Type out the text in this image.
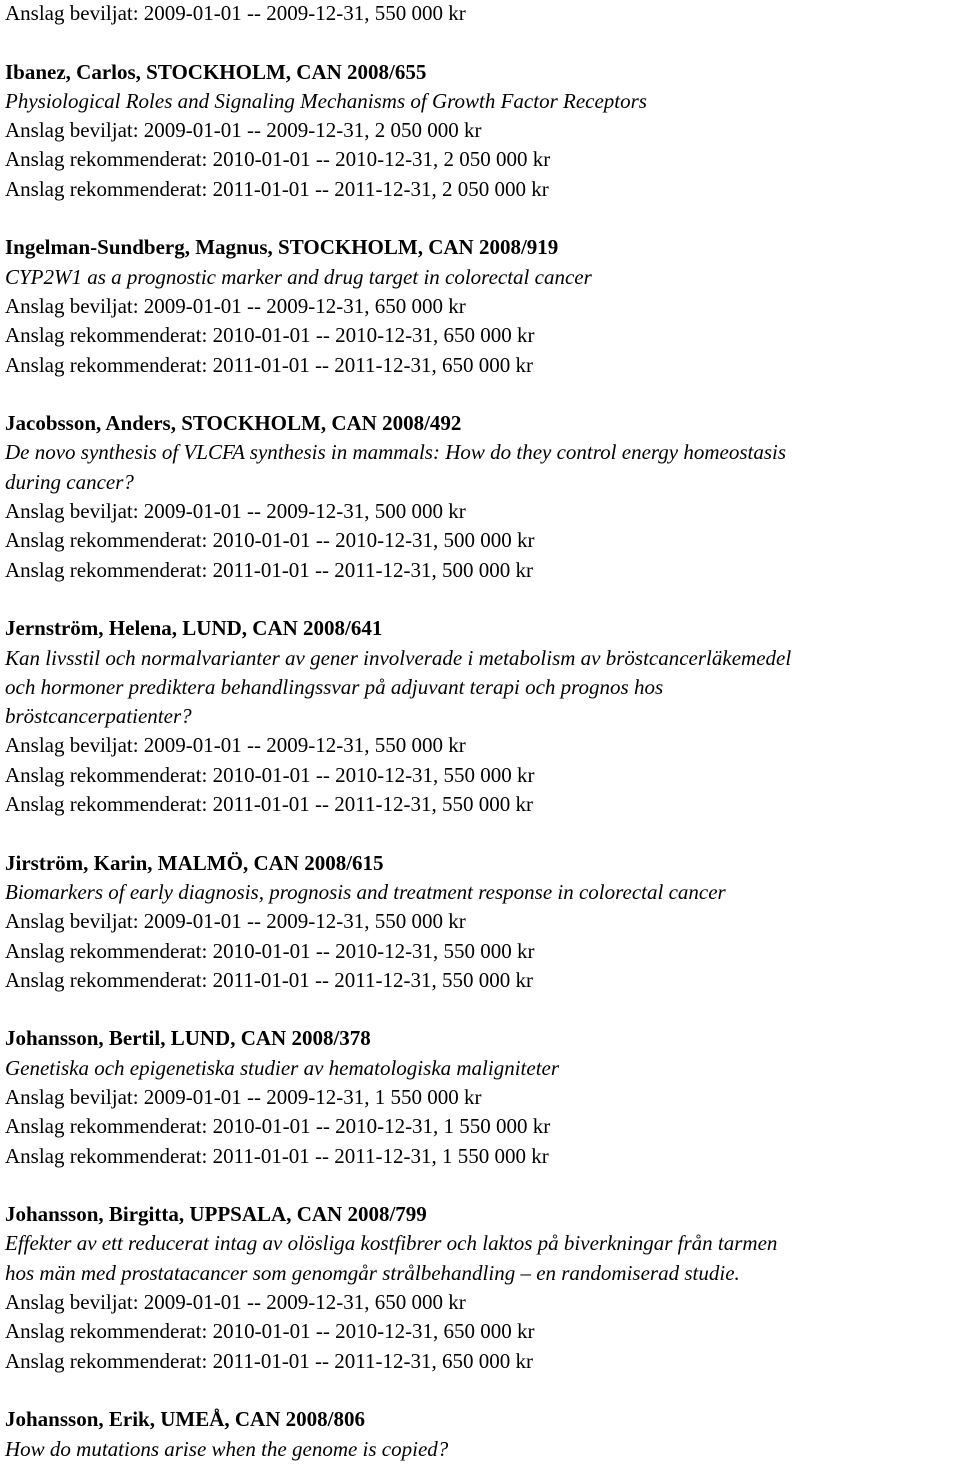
Anslag beviljat: 2009-01-01 -- 2009-12-31, 550 000 kr
Ibanez, Carlos, STOCKHOLM, CAN 2008/655
Physiological Roles and Signaling Mechanisms of Growth Factor Receptors
Anslag beviljat: 2009-01-01 -- 2009-12-31, 2 050 000 kr
Anslag rekommenderat: 2010-01-01 -- 2010-12-31, 2 050 000 kr
Anslag rekommenderat: 2011-01-01 -- 2011-12-31, 2 050 000 kr
Ingelman-Sundberg, Magnus, STOCKHOLM, CAN 2008/919
CYP2W1 as a prognostic marker and drug target in colorectal cancer
Anslag beviljat: 2009-01-01 -- 2009-12-31, 650 000 kr
Anslag rekommenderat: 2010-01-01 -- 2010-12-31, 650 000 kr
Anslag rekommenderat: 2011-01-01 -- 2011-12-31, 650 000 kr
Jacobsson, Anders, STOCKHOLM, CAN 2008/492
De novo synthesis of VLCFA synthesis in mammals: How do they control energy homeostasis
during cancer?
Anslag beviljat: 2009-01-01 -- 2009-12-31, 500 000 kr
Anslag rekommenderat: 2010-01-01 -- 2010-12-31, 500 000 kr
Anslag rekommenderat: 2011-01-01 -- 2011-12-31, 500 000 kr
Jernström, Helena, LUND, CAN 2008/641
Kan livsstil och normalvarianter av gener involverade i metabolism av bröstcancerläkemedel
och hormoner prediktera behandlingssvar på adjuvant terapi och prognos hos
bröstcancerpatienter?
Anslag beviljat: 2009-01-01 -- 2009-12-31, 550 000 kr
Anslag rekommenderat: 2010-01-01 -- 2010-12-31, 550 000 kr
Anslag rekommenderat: 2011-01-01 -- 2011-12-31, 550 000 kr
Jirström, Karin, MALMÖ, CAN 2008/615
Biomarkers of early diagnosis, prognosis and treatment response in colorectal cancer
Anslag beviljat: 2009-01-01 -- 2009-12-31, 550 000 kr
Anslag rekommenderat: 2010-01-01 -- 2010-12-31, 550 000 kr
Anslag rekommenderat: 2011-01-01 -- 2011-12-31, 550 000 kr
Johansson, Bertil, LUND, CAN 2008/378
Genetiska och epigenetiska studier av hematologiska maligniteter
Anslag beviljat: 2009-01-01 -- 2009-12-31, 1 550 000 kr
Anslag rekommenderat: 2010-01-01 -- 2010-12-31, 1 550 000 kr
Anslag rekommenderat: 2011-01-01 -- 2011-12-31, 1 550 000 kr
Johansson, Birgitta, UPPSALA, CAN 2008/799
Effekter av ett reducerat intag av olösliga kostfibrer och laktos på biverkningar från tarmen
hos män med prostatacancer som genomgår strålbehandling – en randomiserad studie.
Anslag beviljat: 2009-01-01 -- 2009-12-31, 650 000 kr
Anslag rekommenderat: 2010-01-01 -- 2010-12-31, 650 000 kr
Anslag rekommenderat: 2011-01-01 -- 2011-12-31, 650 000 kr
Johansson, Erik, UMEÅ, CAN 2008/806
How do mutations arise when the genome is copied?
